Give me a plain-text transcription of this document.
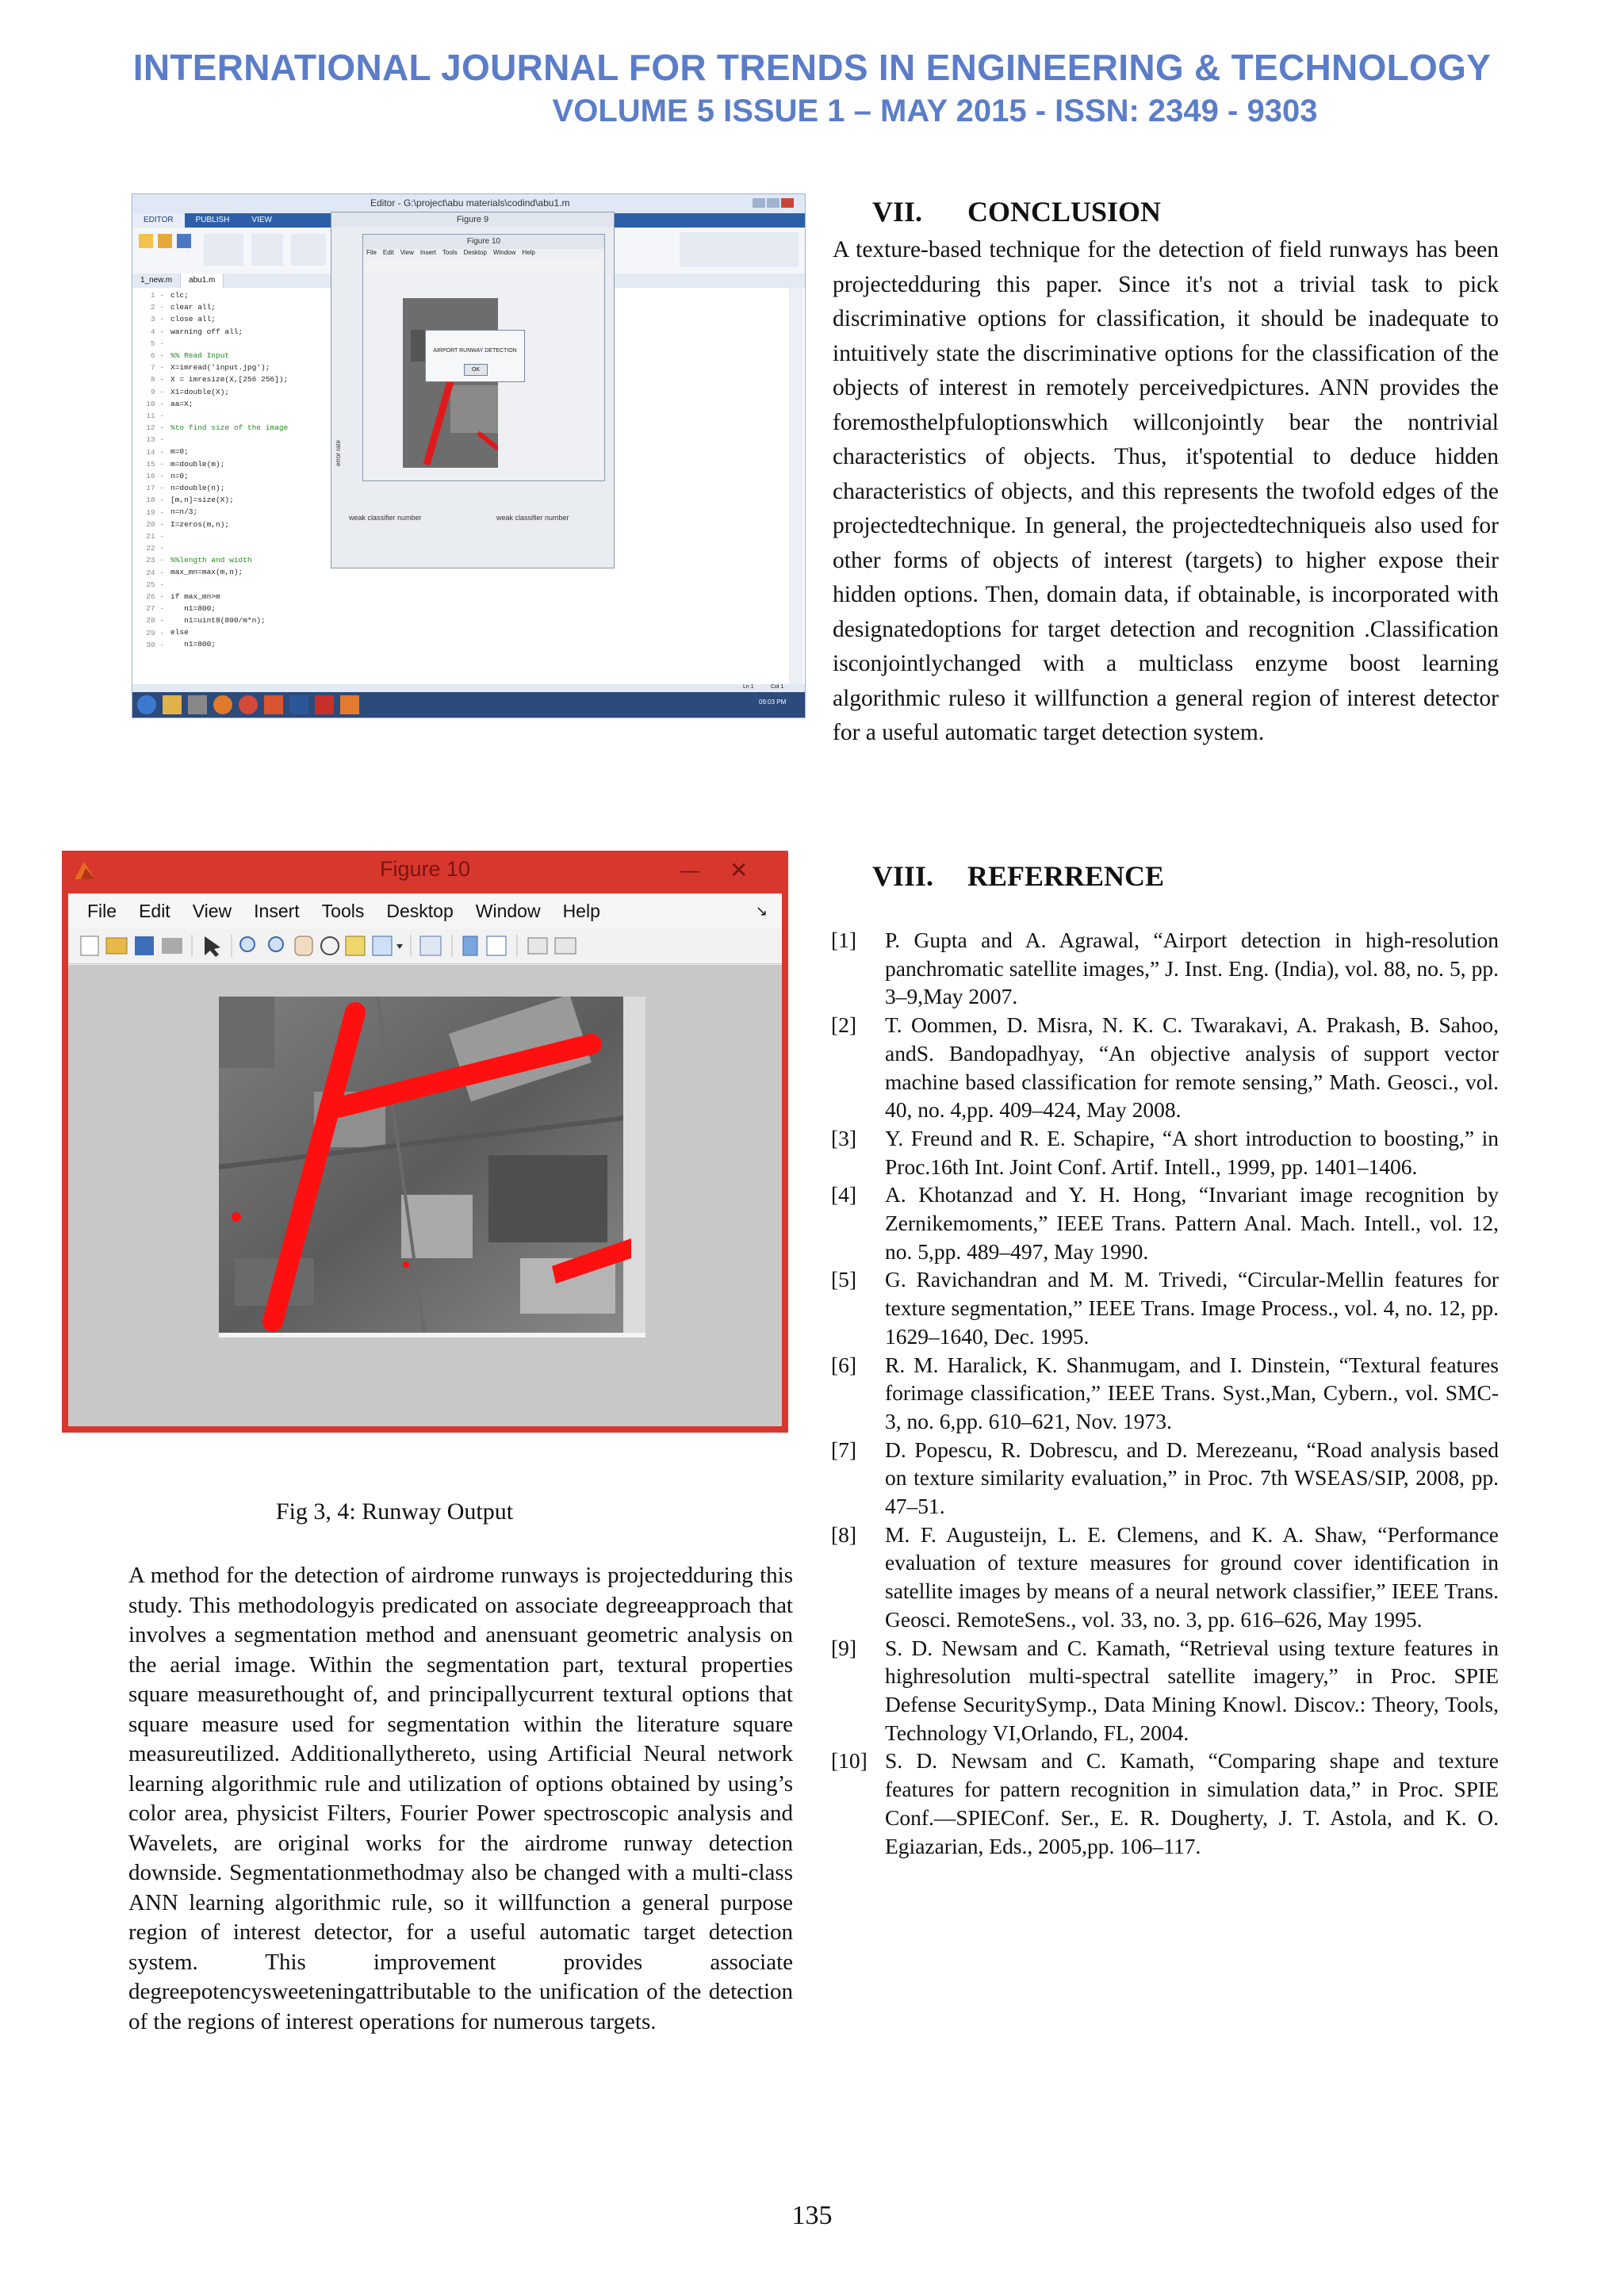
INTERNATIONAL JOURNAL FOR TRENDS IN ENGINEERING & TECHNOLOGY
VOLUME 5 ISSUE 1 – MAY 2015 - ISSN: 2349 - 9303
Editor - G:\project\abu materials\codind\abu1.m
EDITOR	PUBLISH	VIEW
1_new.m	abu1.m
1 -
2 -
3 -
4 -
5 -
6 -
7 -
8 -
9 -
10 -
11 -
12 -
13 -
14 -
15 -
16 -
17 -
18 -
19 -
20 -
21 -
22 -
23 -
24 -
25 -
26 -
27 -
28 -
29 -
30 -
clc;
clear all;
close all;
warning off all;
%% Read Input
X=imread('input.jpg');
X = imresize(X,[256 256]);
X1=double(X);
aa=X;
%to find size of the image
m=0;
m=double(m);
n=0;
n=double(n);
[m,n]=size(X);
n=n/3;
I=zeros(m,n);
%%length and width
max_mn=max(m,n);
if max_mn>m
n1=800;
n1=uint8(800/m*n);
else
n1=800;
Figure 9
weak classifier number	weak classifier number
error rate
Figure 10
File Edit View Insert Tools Desktop Window Help
AIRPORT RUNWAY DETECTION
OK
Ln 1	Col 1
09:03 PM
Figure 10	— ✕
File Edit View Insert Tools Desktop Window Help	↘
Fig 3, 4: Runway Output
A method for the detection of airdrome runways is projectedduring this study. This methodologyis predicated on associate degreeapproach that involves a segmentation method and anensuant geometric analysis on the aerial image. Within the segmentation part, textural properties square measurethought of, and principallycurrent textural options that square measure used for segmentation within the literature square measureutilized. Additionallythereto, using Artificial Neural network learning algorithmic rule and utilization of options obtained by using’s color area, physicist Filters, Fourier Power spectroscopic analysis and Wavelets, are original works for the airdrome runway detection downside. Segmentationmethodmay also be changed with a multi-class ANN learning algorithmic rule, so it willfunction a general purpose region of interest detector, for a useful automatic target detection system. This improvement provides associate degreepotencysweeteningattributable to the unification of the detection of the regions of interest operations for numerous targets.
VII. CONCLUSION
A texture-based technique for the detection of field runways has been projectedduring this paper. Since it's not a trivial task to pick discriminative options for classification, it should be inadequate to intuitively state the discriminative options for the classification of the objects of interest in remotely perceivedpictures. ANN provides the foremosthelpfuloptionswhich willconjointly bear the nontrivial characteristics of objects. Thus, it'spotential to deduce hidden characteristics of objects, and this represents the twofold edges of the projectedtechnique. In general, the projectedtechniqueis also used for other forms of objects of interest (targets) to higher expose their hidden options. Then, domain data, if obtainable, is incorporated with designatedoptions for target detection and recognition .Classification isconjointlychanged with a multiclass enzyme boost learning algorithmic ruleso it willfunction a general region of interest detector for a useful automatic target detection system.
VIII. REFERRENCE
[1]	P. Gupta and A. Agrawal, “Airport detection in high-resolution panchromatic satellite images,” J. Inst. Eng. (India), vol. 88, no. 5, pp. 3–9,May 2007.
[2]	T. Oommen, D. Misra, N. K. C. Twarakavi, A. Prakash, B. Sahoo, andS. Bandopadhyay, “An objective analysis of support vector machine based classification for remote sensing,” Math. Geosci., vol. 40, no. 4,pp. 409–424, May 2008.
[3]	Y. Freund and R. E. Schapire, “A short introduction to boosting,” in Proc.16th Int. Joint Conf. Artif. Intell., 1999, pp. 1401–1406.
[4]	A. Khotanzad and Y. H. Hong, “Invariant image recognition by Zernikemoments,” IEEE Trans. Pattern Anal. Mach. Intell., vol. 12, no. 5,pp. 489–497, May 1990.
[5]	G. Ravichandran and M. M. Trivedi, “Circular-Mellin features for texture segmentation,” IEEE Trans. Image Process., vol. 4, no. 12, pp. 1629–1640, Dec. 1995.
[6]	R. M. Haralick, K. Shanmugam, and I. Dinstein, “Textural features forimage classification,” IEEE Trans. Syst.,Man, Cybern., vol. SMC-3, no. 6,pp. 610–621, Nov. 1973.
[7]	D. Popescu, R. Dobrescu, and D. Merezeanu, “Road analysis based on texture similarity evaluation,” in Proc. 7th WSEAS/SIP, 2008, pp. 47–51.
[8]	M. F. Augusteijn, L. E. Clemens, and K. A. Shaw, “Performance evaluation of texture measures for ground cover identification in satellite images by means of a neural network classifier,” IEEE Trans. Geosci. RemoteSens., vol. 33, no. 3, pp. 616–626, May 1995.
[9]	S. D. Newsam and C. Kamath, “Retrieval using texture features in highresolution multi-spectral satellite imagery,” in Proc. SPIE Defense SecuritySymp., Data Mining Knowl. Discov.: Theory, Tools, Technology VI,Orlando, FL, 2004.
[10] S. D. Newsam and C. Kamath, “Comparing shape and texture features for pattern recognition in simulation data,” in Proc. SPIE Conf.—SPIEConf. Ser., E. R. Dougherty, J. T. Astola, and K. O. Egiazarian, Eds., 2005,pp. 106–117.
135
